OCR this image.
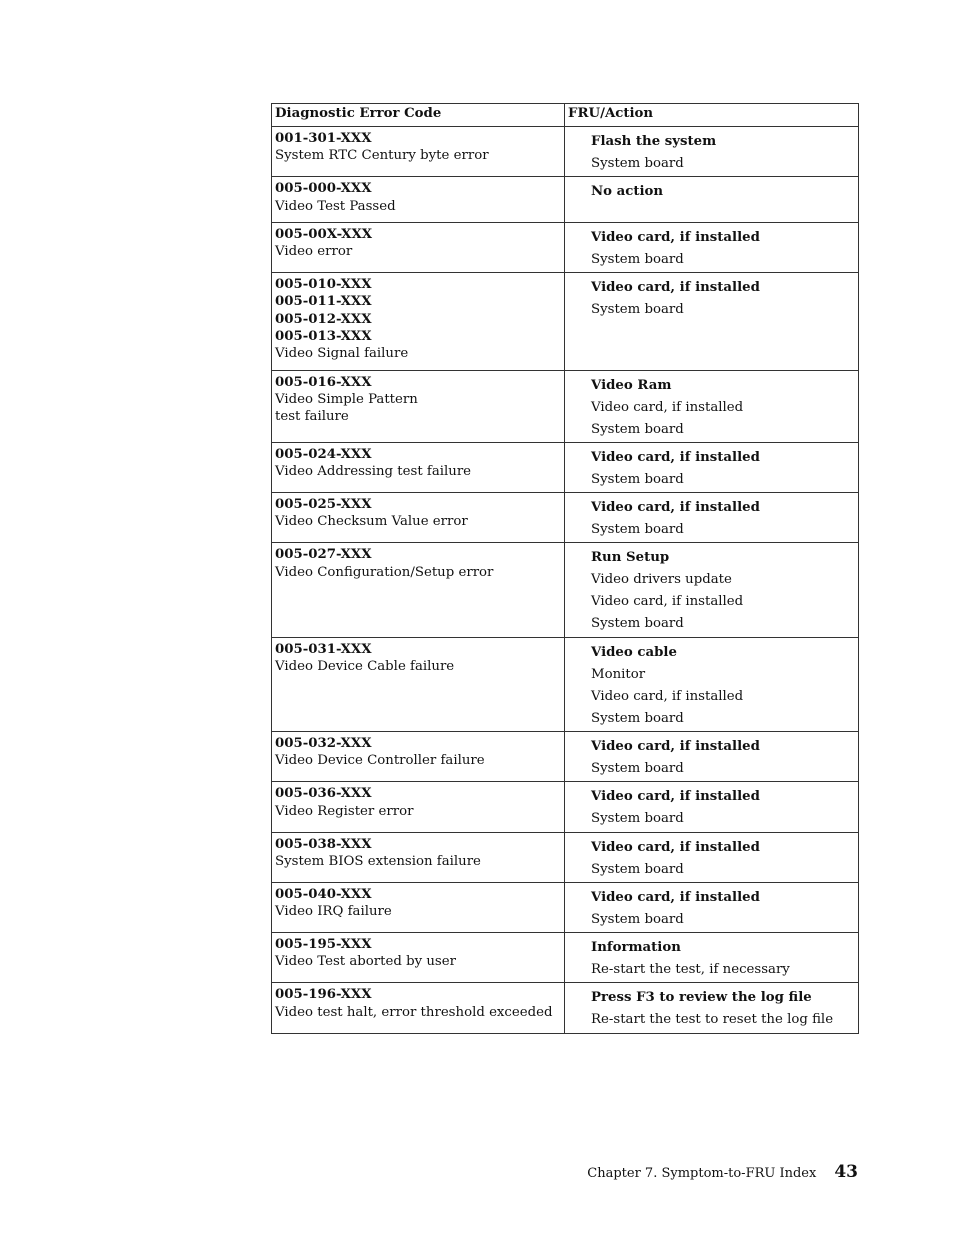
Diagnostic Error Code	FRU/Action

001-301-XXX
System RTC Century byte error	Flash the system
System board

005-000-XXX
Video Test Passed	No action

005-00X-XXX
Video error	Video card, if installed
System board

005-010-XXX
005-011-XXX
005-012-XXX
005-013-XXX
Video Signal failure	Video card, if installed
System board

005-016-XXX
Video Simple Pattern
test failure	Video Ram
Video card, if installed
System board

005-024-XXX
Video Addressing test failure	Video card, if installed
System board

005-025-XXX
Video Checksum Value error	Video card, if installed
System board

005-027-XXX
Video Configuration/Setup error	Run Setup
Video drivers update
Video card, if installed
System board

005-031-XXX
Video Device Cable failure	Video cable
Monitor
Video card, if installed
System board

005-032-XXX
Video Device Controller failure	Video card, if installed
System board

005-036-XXX
Video Register error	Video card, if installed
System board

005-038-XXX
System BIOS extension failure	Video card, if installed
System board

005-040-XXX
Video IRQ failure	Video card, if installed
System board

005-195-XXX
Video Test aborted by user	Information
Re-start the test, if necessary

005-196-XXX
Video test halt, error threshold exceeded	Press F3 to review the log file
Re-start the test to reset the log file
Chapter 7. Symptom-to-FRU Index 43
